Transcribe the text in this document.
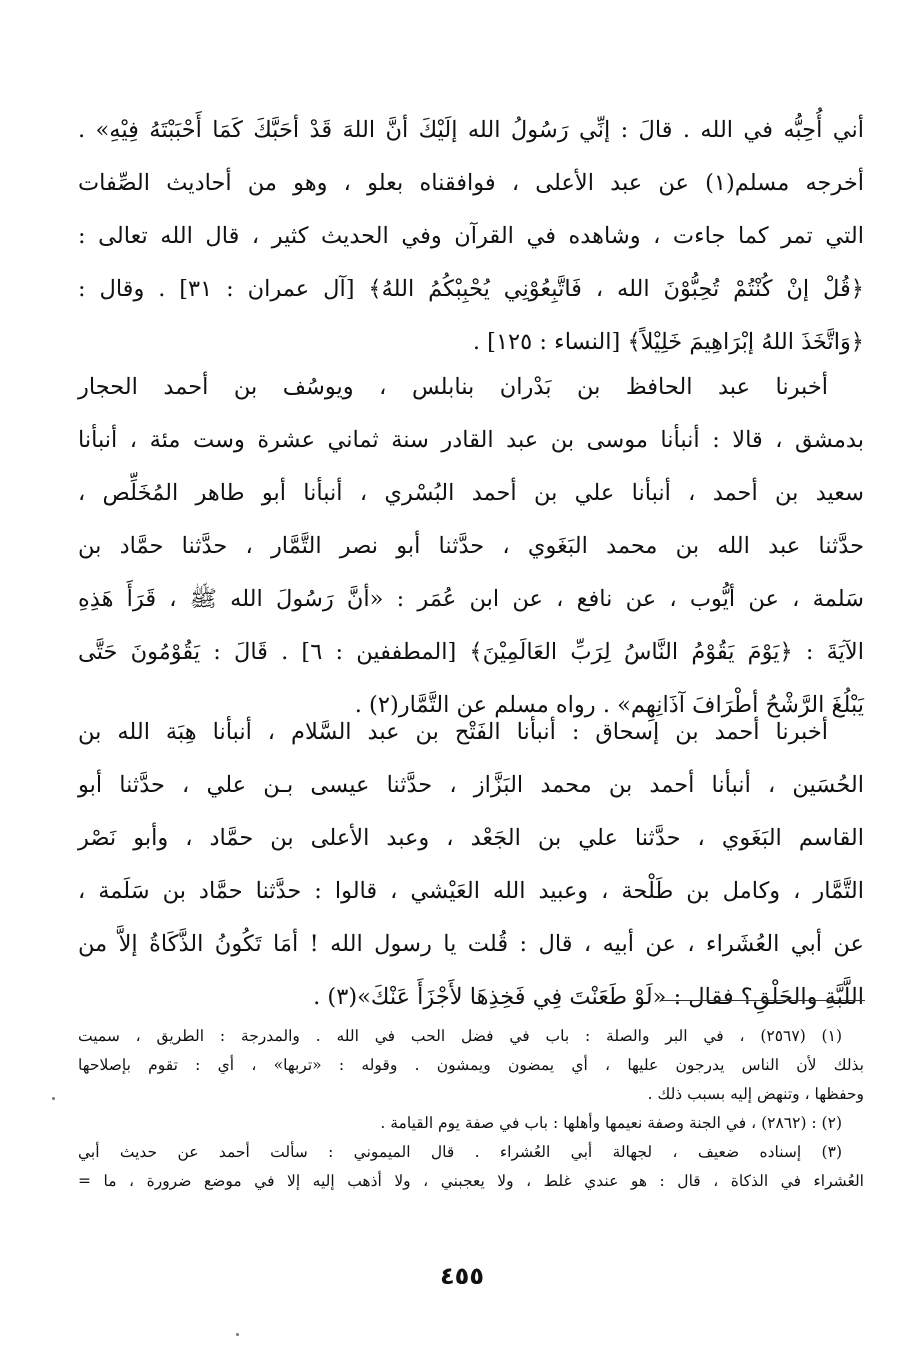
أني أُحِبُّه في الله . قالَ : إنِّي رَسُولُ الله إلَيْكَ أنَّ اللهَ قَدْ أحَبَّكَ كَمَا أَحْبَبْتَهُ فِيْهِ» .
أخرجه مسلم(١) عن عبد الأعلى ، فوافقناه بعلو ، وهو من أحاديث الصِّفات
التي تمر كما جاءت ، وشاهده في القرآن وفي الحديث كثير ، قال الله تعالى :
﴿قُلْ إنْ كُنْتُمْ تُحِبُّوْنَ الله ، فَاتَّبِعُوْنِي يُحْبِبْكُمُ اللهُ﴾ [آل عمران : ٣١] . وقال :
﴿وَاتَّخَذَ اللهُ إبْرَاهِيمَ خَلِيْلاً﴾ [النساء : ١٢٥] .
أخبرنا عبد الحافظ بن بَدْران بنابلس ، ويوسُف بن أحمد الحجار
بدمشق ، قالا : أنبأنا موسى بن عبد القادر سنة ثماني عشرة وست مئة ، أنبأنا
سعيد بن أحمد ، أنبأنا علي بن أحمد البُسْري ، أنبأنا أبو طاهر المُخَلِّص ،
حدَّثنا عبد الله بن محمد البَغَوي ، حدَّثنا أبو نصر التَّمَّار ، حدَّثنا حمَّاد بن
سَلمة ، عن أيُّوب ، عن نافع ، عن ابن عُمَر : «أنَّ رَسُولَ الله ﷺ ، قَرَأَ هَذِهِ
الآيَةَ : ﴿يَوْمَ يَقُوْمُ النَّاسُ لِرَبِّ العَالَمِيْنَ﴾ [المطففين : ٦] . قَالَ : يَقُوْمُونَ حَتَّى
يَبْلُغَ الرَّشْحُ أطْرَافَ آذَانِهِم» . رواه مسلم عن التَّمَّار(٢) .
أخبرنا أحمد بن إسحاق : أنبأنا الفَتْح بن عبد السَّلام ، أنبأنا هِبَة الله بن
الحُسَين ، أنبأنا أحمد بن محمد البَزَّاز ، حدَّثنا عيسى بـن علي ، حدَّثنا أبو
القاسم البَغَوي ، حدَّثنا علي بن الجَعْد ، وعبد الأعلى بن حمَّاد ، وأبو نَصْر
التَّمَّار ، وكامل بن طَلْحة ، وعبيد الله العَيْشي ، قالوا : حدَّثنا حمَّاد بن سَلَمة ،
عن أبي العُشَراء ، عن أبيه ، قال : قُلت يا رسول الله ! أمَا تَكُونُ الذَّكَاةُ إلاَّ من
اللَّبَّةِ والحَلْقِ؟ فقال : «لَوْ طَعَنْتَ فِي فَخِذِهَا لأَجْزَأَ عَنْكَ»(٣) .
(١) (٢٥٦٧) ، في البر والصلة : باب في فضل الحب في الله . والمدرجة : الطريق ، سميت
بذلك لأن الناس يدرجون عليها ، أي يمضون ويمشون . وقوله : «تربها» ، أي : تقوم بإصلاحها
وحفظها ، وتنهض إليه بسبب ذلك .
(٢) : (٢٨٦٢) ، في الجنة وصفة نعيمها وأهلها : باب في صفة يوم القيامة .
(٣) إسناده ضعيف ، لجهالة أبي العُشراء . قال الميموني : سألت أحمد عن حديث أبي
العُشراء في الذكاة ، قال : هو عندي غلط ، ولا يعجبني ، ولا أذهب إليه إلا في موضع ضرورة ، ما =
٤٥٥
